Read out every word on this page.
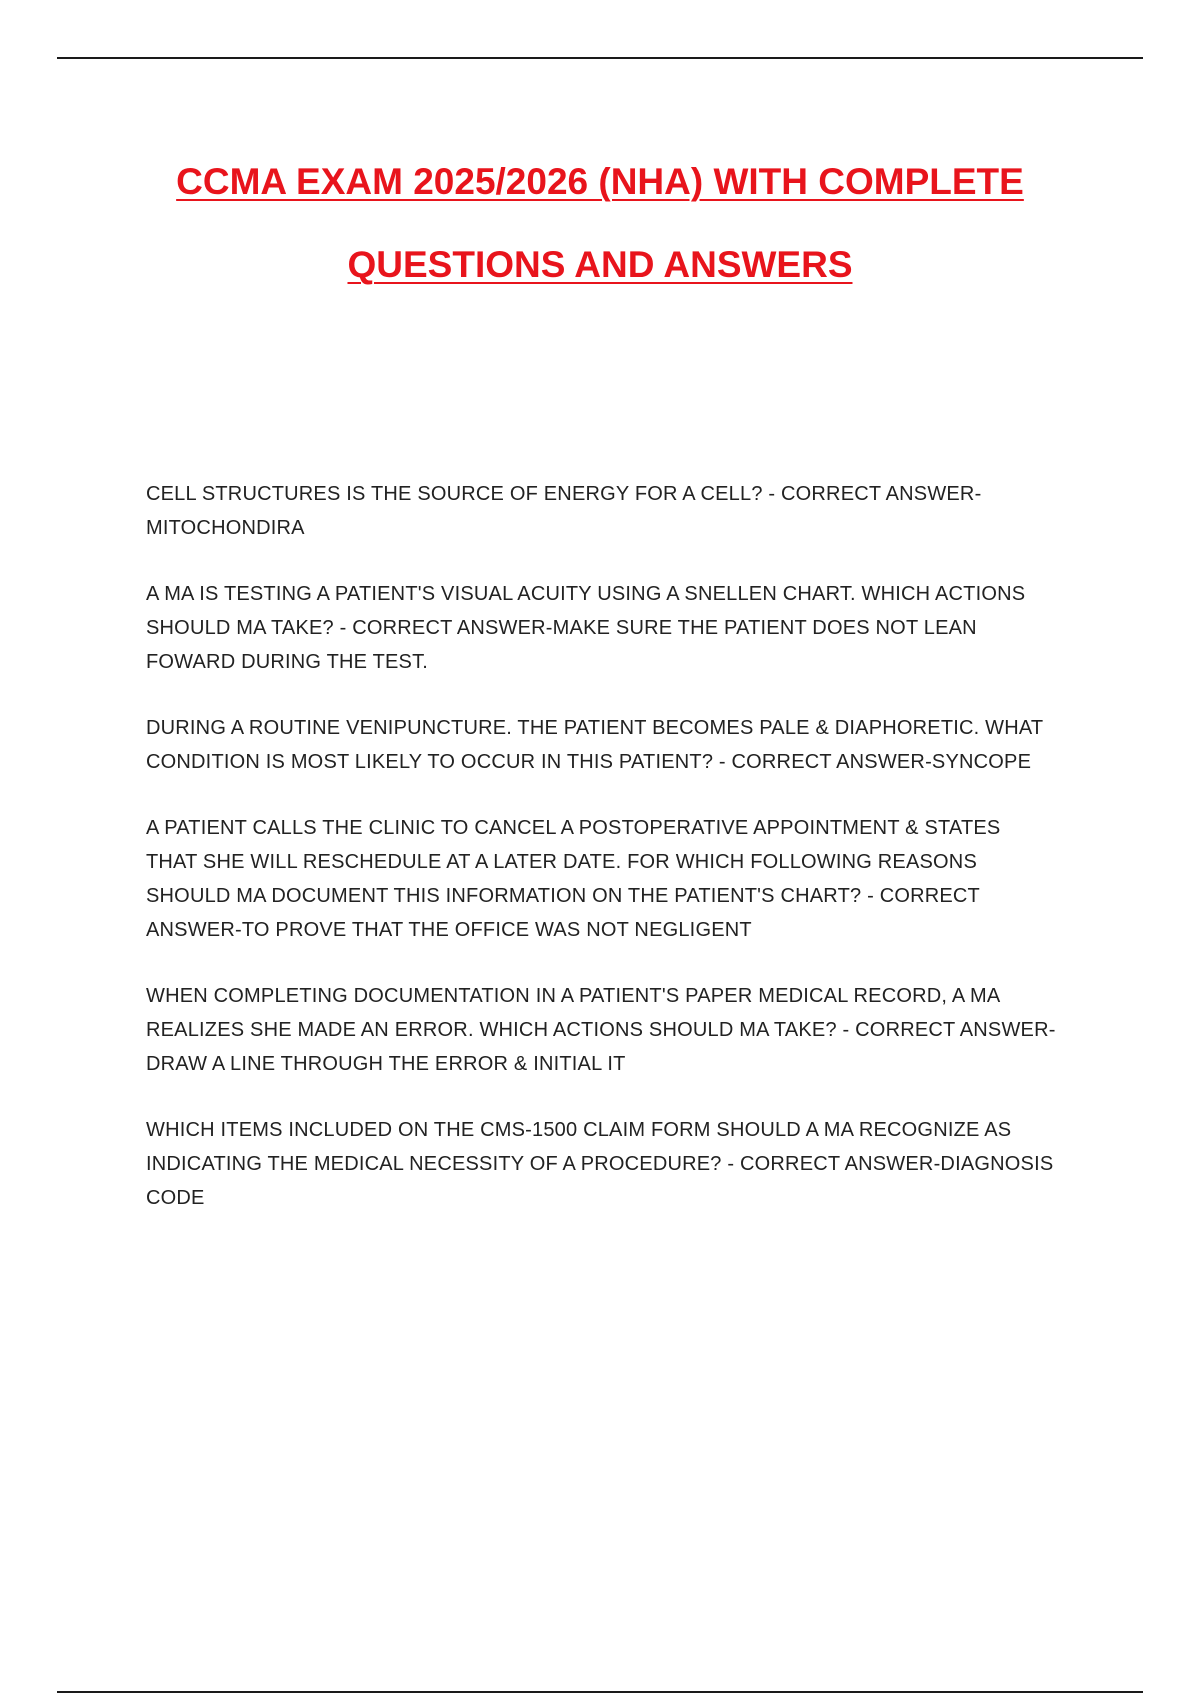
CCMA EXAM 2025/2026 (NHA) WITH COMPLETE
QUESTIONS AND ANSWERS
CELL STRUCTURES IS THE SOURCE OF ENERGY FOR A CELL? - CORRECT ANSWER-MITOCHONDIRA
A MA IS TESTING A PATIENT'S VISUAL ACUITY USING A SNELLEN CHART. WHICH ACTIONS SHOULD MA TAKE? - CORRECT ANSWER-MAKE SURE THE PATIENT DOES NOT LEAN FOWARD DURING THE TEST.
DURING A ROUTINE VENIPUNCTURE. THE PATIENT BECOMES PALE & DIAPHORETIC. WHAT CONDITION IS MOST LIKELY TO OCCUR IN THIS PATIENT? - CORRECT ANSWER-SYNCOPE
A PATIENT CALLS THE CLINIC TO CANCEL A POSTOPERATIVE APPOINTMENT & STATES THAT SHE WILL RESCHEDULE AT A LATER DATE. FOR WHICH FOLLOWING REASONS SHOULD MA DOCUMENT THIS INFORMATION ON THE PATIENT'S CHART? - CORRECT ANSWER-TO PROVE THAT THE OFFICE WAS NOT NEGLIGENT
WHEN COMPLETING DOCUMENTATION IN A PATIENT'S PAPER MEDICAL RECORD, A MA REALIZES SHE MADE AN ERROR. WHICH ACTIONS SHOULD MA TAKE? - CORRECT ANSWER-DRAW A LINE THROUGH THE ERROR & INITIAL IT
WHICH ITEMS INCLUDED ON THE CMS-1500 CLAIM FORM SHOULD A MA RECOGNIZE AS INDICATING THE MEDICAL NECESSITY OF A PROCEDURE? - CORRECT ANSWER-DIAGNOSIS CODE
